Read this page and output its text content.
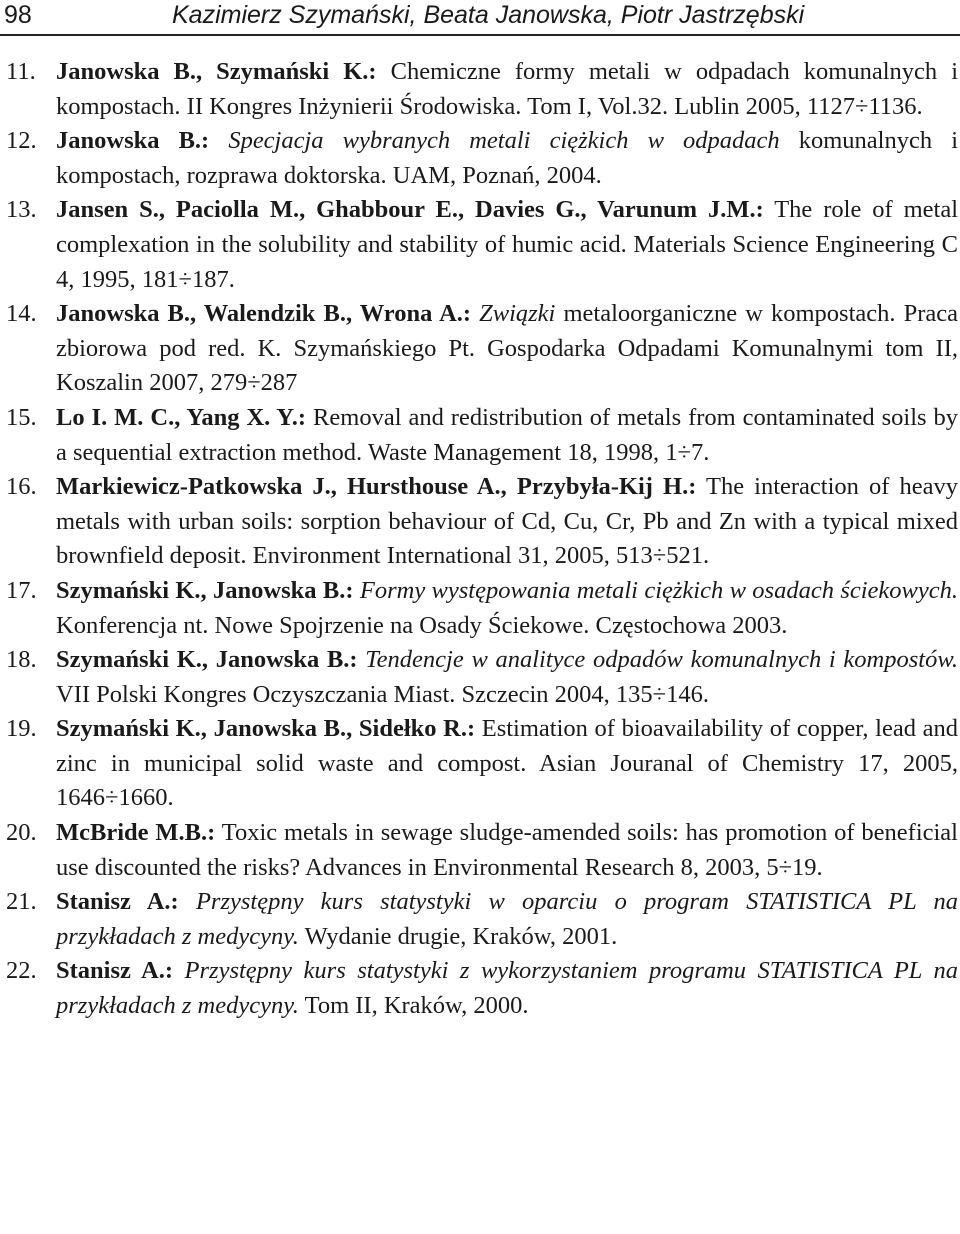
98	Kazimierz Szymański, Beata Janowska, Piotr Jastrzębski

11. Janowska B., Szymański K.: Chemiczne formy metali w odpadach komunalnych i kompostach. II Kongres Inżynierii Środowiska. Tom I, Vol.32. Lublin 2005, 1127÷1136.

12. Janowska B.: Specjacja wybranych metali ciężkich w odpadach komunalnych i kompostach, rozprawa doktorska. UAM, Poznań, 2004.

13. Jansen S., Paciolla M., Ghabbour E., Davies G., Varunum J.M.: The role of metal complexation in the solubility and stability of humic acid. Materials Science Engineering C 4, 1995, 181÷187.

14. Janowska B., Walendzik B., Wrona A.: Związki metaloorganiczne w kompostach. Praca zbiorowa pod red. K. Szymańskiego Pt. Gospodarka Odpadami Komunalnymi tom II, Koszalin 2007, 279÷287

15. Lo I. M. C., Yang X. Y.: Removal and redistribution of metals from contaminated soils by a sequential extraction method. Waste Management 18, 1998, 1÷7.

16. Markiewicz-Patkowska J., Hursthouse A., Przybyła-Kij H.: The interaction of heavy metals with urban soils: sorption behaviour of Cd, Cu, Cr, Pb and Zn with a typical mixed brownfield deposit. Environment International 31, 2005, 513÷521.

17. Szymański K., Janowska B.: Formy występowania metali ciężkich w osadach ściekowych. Konferencja nt. Nowe Spojrzenie na Osady Ściekowe. Częstochowa 2003.

18. Szymański K., Janowska B.: Tendencje w analityce odpadów komunalnych i kompostów. VII Polski Kongres Oczyszczania Miast. Szczecin 2004, 135÷146.

19. Szymański K., Janowska B., Sidełko R.: Estimation of bioavailability of copper, lead and zinc in municipal solid waste and compost. Asian Jouranal of Chemistry 17, 2005, 1646÷1660.

20. McBride M.B.: Toxic metals in sewage sludge-amended soils: has promotion of beneficial use discounted the risks? Advances in Environmental Research 8, 2003, 5÷19.

21. Stanisz A.: Przystępny kurs statystyki w oparciu o program STATISTICA PL na przykładach z medycyny. Wydanie drugie, Kraków, 2001.

22. Stanisz A.: Przystępny kurs statystyki z wykorzystaniem programu STATISTICA PL na przykładach z medycyny. Tom II, Kraków, 2000.
